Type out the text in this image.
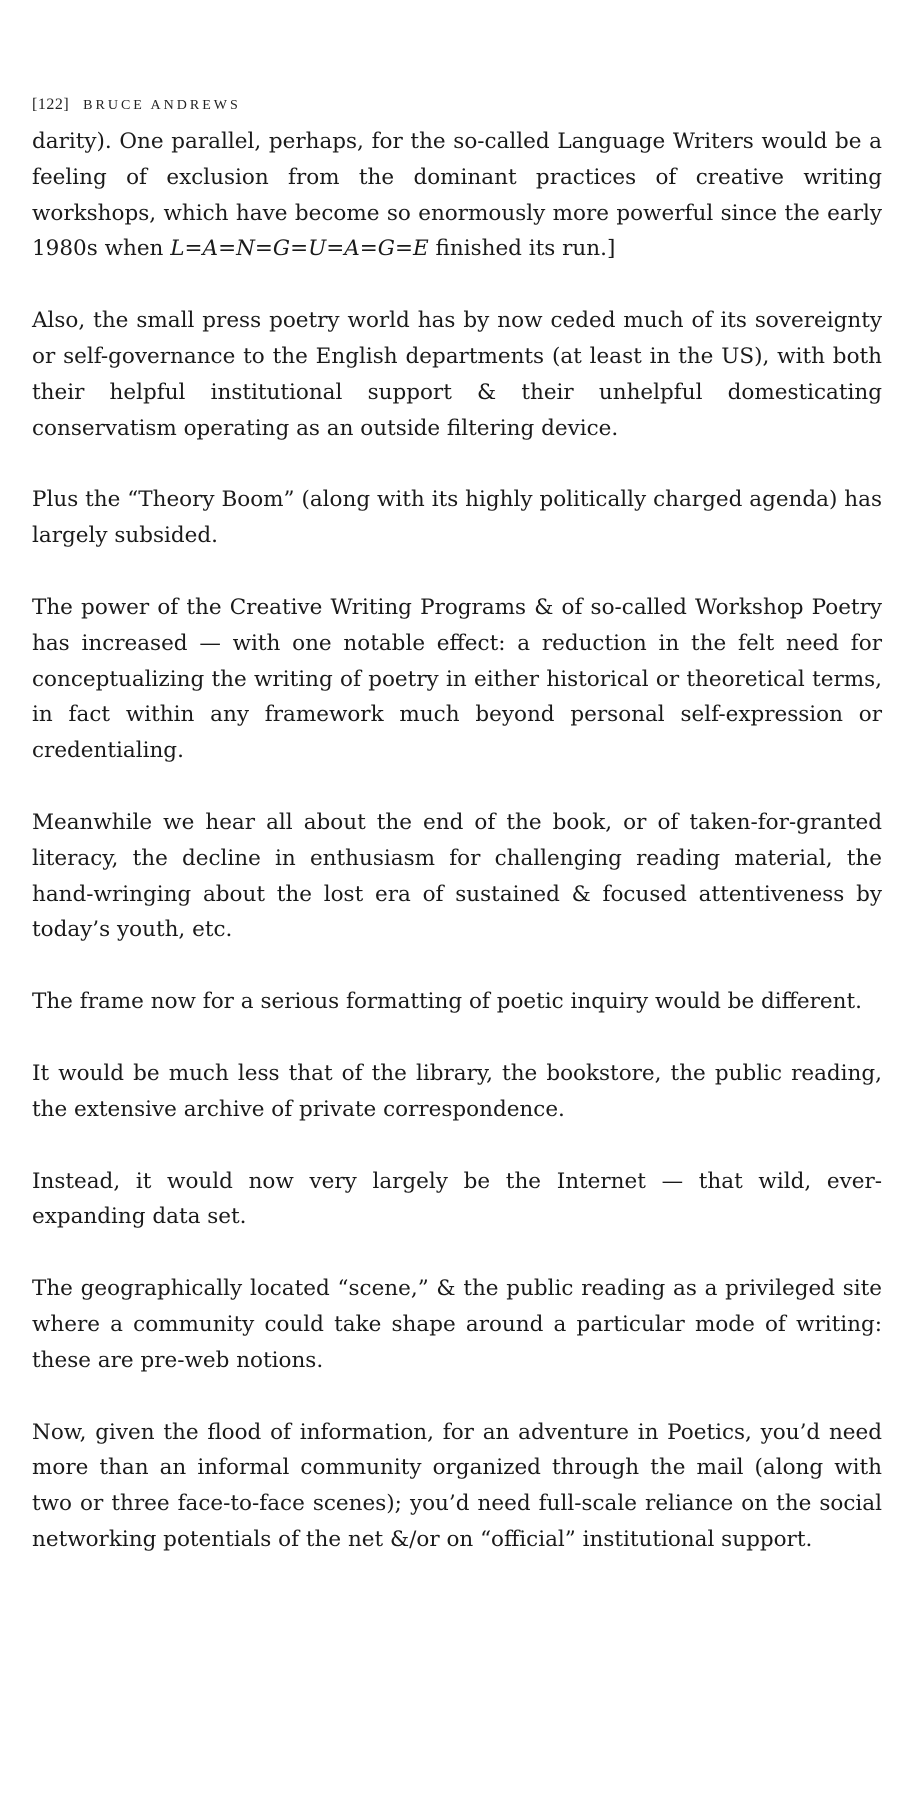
[122] BRUCE ANDREWS

darity). One parallel, perhaps, for the so-called Language Writers would be a feeling of exclusion from the dominant practices of creative writing workshops, which have become so enormously more powerful since the early 1980s when L=A=N=G=U=A=G=E finished its run.]

Also, the small press poetry world has by now ceded much of its sovereignty or self-governance to the English departments (at least in the US), with both their helpful institutional support & their unhelpful domesticating conservatism operating as an outside filtering device.

Plus the “Theory Boom” (along with its highly politically charged agenda) has largely subsided.

The power of the Creative Writing Programs & of so-called Workshop Poetry has increased — with one notable effect: a reduction in the felt need for conceptualizing the writing of poetry in either historical or theoretical terms, in fact within any framework much beyond personal self-expression or credentialing.

Meanwhile we hear all about the end of the book, or of taken-for-granted literacy, the decline in enthusiasm for challenging reading material, the hand-wringing about the lost era of sustained & focused attentiveness by today’s youth, etc.

The frame now for a serious formatting of poetic inquiry would be different.

It would be much less that of the library, the bookstore, the public reading, the extensive archive of private correspondence.

Instead, it would now very largely be the Internet — that wild, ever-expanding data set.

The geographically located “scene,” & the public reading as a privileged site where a community could take shape around a particular mode of writing: these are pre-web notions.

Now, given the flood of information, for an adventure in Poetics, you’d need more than an informal community organized through the mail (along with two or three face-to-face scenes); you’d need full-scale reliance on the social networking potentials of the net &/or on “official” institutional support.
